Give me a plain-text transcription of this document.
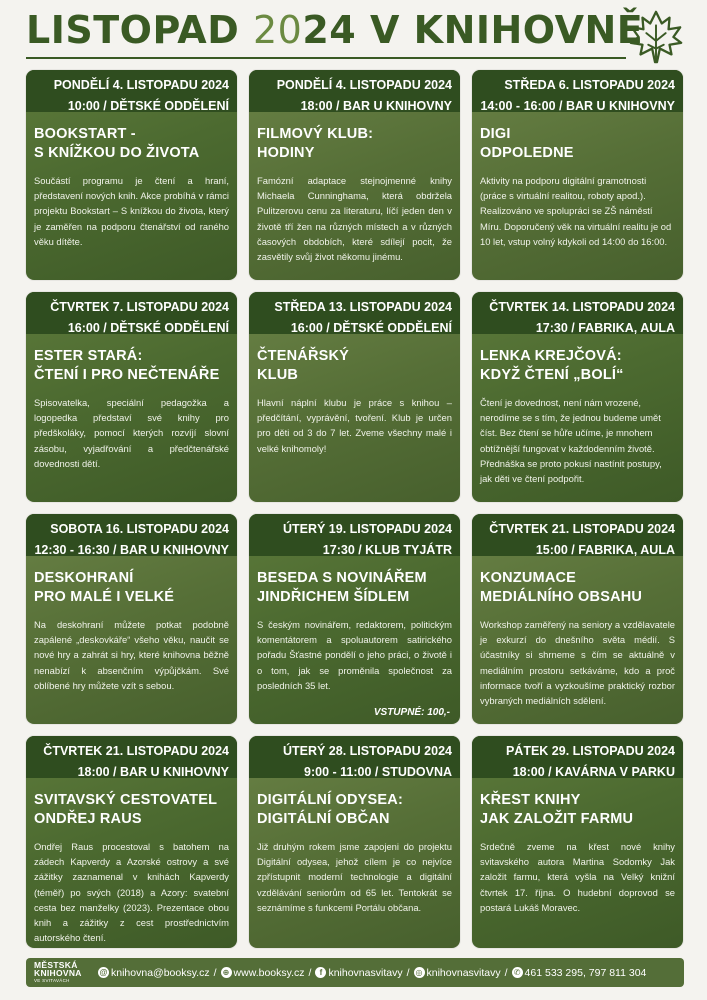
LISTOPAD 2024 V KNIHOVNĚ
PONDĚLÍ 4. LISTOPADU 2024
10:00 / DĚTSKÉ ODDĚLENÍ
BOOKSTART -
S KNÍŽKOU DO ŽIVOTA
Součástí programu je čtení a hraní, představení nových knih. Akce probíhá v rámci projektu Bookstart – S knížkou do života, který je zaměřen na podporu čtenářství od raného věku dítěte.
PONDĚLÍ 4. LISTOPADU 2024
18:00 / BAR U KNIHOVNY
FILMOVÝ KLUB:
HODINY
Famózní adaptace stejnojmenné knihy Michaela Cunninghama, která obdržela Pulitzerovu cenu za literaturu, líčí jeden den v životě tří žen na různých místech a v různých časových obdobích, které sdílejí pocit, že zasvětily svůj život někomu jinému.
STŘEDA 6. LISTOPADU 2024
14:00 - 16:00 / BAR U KNIHOVNY
DIGI
ODPOLEDNE
Aktivity na podporu digitální gramotnosti (práce s virtuální realitou, roboty apod.). Realizováno ve spolupráci se ZŠ náměstí Míru. Doporučený věk na virtuální realitu je od 10 let, vstup volný kdykoli od 14:00 do 16:00.
ČTVRTEK 7. LISTOPADU 2024
16:00 / DĚTSKÉ ODDĚLENÍ
ESTER STARÁ:
ČTENÍ I PRO NEČTENÁŘE
Spisovatelka, speciální pedagožka a logopedka představí své knihy pro předškoláky, pomocí kterých rozvíjí slovní zásobu, vyjadřování a předčtenářské dovednosti dětí.
STŘEDA 13. LISTOPADU 2024
16:00 / DĚTSKÉ ODDĚLENÍ
ČTENÁŘSKÝ
KLUB
Hlavní náplní klubu je práce s knihou – předčítání, vyprávění, tvoření. Klub je určen pro děti od 3 do 7 let. Zveme všechny malé i velké knihomoly!
ČTVRTEK 14. LISTOPADU 2024
17:30 / FABRIKA, AULA
LENKA KREJČOVÁ:
KDYŽ ČTENÍ „BOLÍ“
Čtení je dovednost, není nám vrozené, nerodíme se s tím, že jednou budeme umět číst. Bez čtení se hůře učíme, je mnohem obtížnější fungovat v každodenním životě. Přednáška se proto pokusí nastínit postupy, jak děti ve čtení podpořit.
SOBOTA 16. LISTOPADU 2024
12:30 - 16:30 / BAR U KNIHOVNY
DESKOHRANÍ
PRO MALÉ I VELKÉ
Na deskohraní můžete potkat podobně zapálené „deskovkáře“ všeho věku, naučit se nové hry a zahrát si hry, které knihovna běžně nenabízí k absenčním výpůjčkám. Své oblíbené hry můžete vzít s sebou.
ÚTERÝ 19. LISTOPADU 2024
17:30 / KLUB TYJÁTR
BESEDA S NOVINÁŘEM
JINDŘICHEM ŠÍDLEM
S českým novinářem, redaktorem, politickým komentátorem a spoluautorem satirického pořadu Šťastné pondělí o jeho práci, o životě i o tom, jak se proměnila společnost za posledních 35 let.
VSTUPNÉ: 100,-
ČTVRTEK 21. LISTOPADU 2024
15:00 / FABRIKA, AULA
KONZUMACE
MEDIÁLNÍHO OBSAHU
Workshop zaměřený na seniory a vzdělavatele je exkurzí do dnešního světa médií. S účastníky si shrneme s čím se aktuálně v mediálním prostoru setkáváme, kdo a proč informace tvoří a vyzkoušíme praktický rozbor vybraných mediálních sdělení.
ČTVRTEK 21. LISTOPADU 2024
18:00 / BAR U KNIHOVNY
SVITAVSKÝ CESTOVATEL
ONDŘEJ RAUS
Ondřej Raus procestoval s batohem na zádech Kapverdy a Azorské ostrovy a své zážitky zaznamenal v knihách Kapverdy (téměř) po svých (2018) a Azory: svatební cesta bez manželky (2023). Prezentace obou knih a zážitky z cest prostřednictvím autorského čtení.
ÚTERÝ 28. LISTOPADU 2024
9:00 - 11:00 / STUDOVNA
DIGITÁLNÍ ODYSEA:
DIGITÁLNÍ OBČAN
Již druhým rokem jsme zapojeni do projektu Digitální odysea, jehož cílem je co nejvíce zpřístupnit moderní technologie a digitální vzdělávání seniorům od 65 let. Tentokrát se seznámíme s funkcemi Portálu občana.
PÁTEK 29. LISTOPADU 2024
18:00 / KAVÁRNA V PARKU
KŘEST KNIHY
JAK ZALOŽIT FARMU
Srdečně zveme na křest nové knihy svitavského autora Martina Sodomky Jak založit farmu, která vyšla na Velký knižní čtvrtek 17. října. O hudební doprovod se postará Lukáš Moravec.
MĚSTSKÁ
KNIHOVNA
VE SVITAVÁCH
@ knihovna@booksy.cz / ⊕ www.booksy.cz /	f knihovnasvitavy / ◎ knihovnasvitavy / ✆ 461 533 295, 797 811 304
